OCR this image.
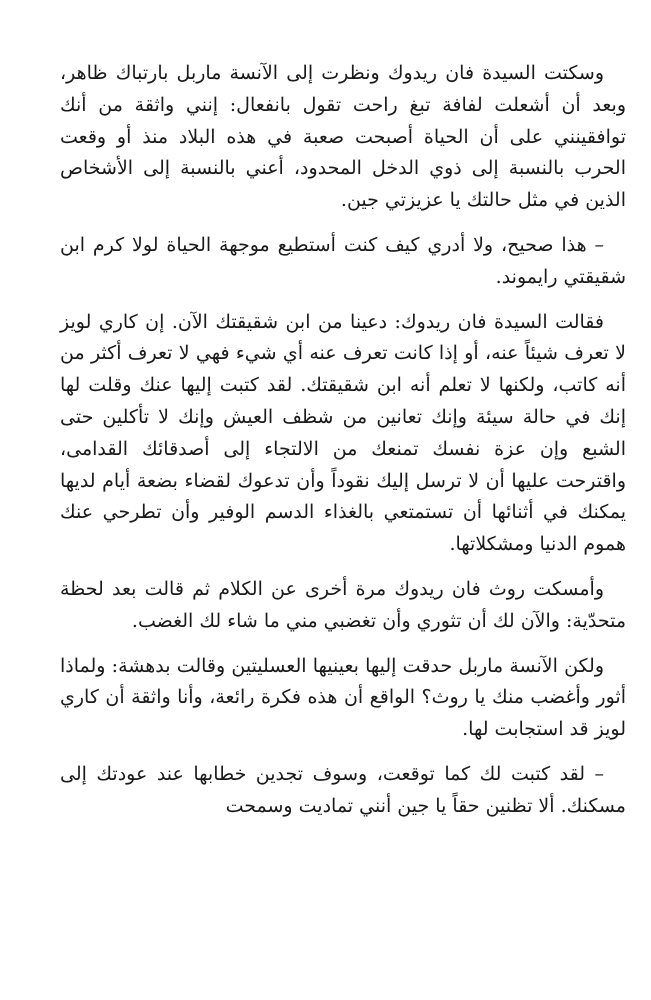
وسكتت السيدة فان ريدوك ونظرت إلى الآنسة ماربل بارتباك ظاهر، وبعد أن أشعلت لفافة تبغ راحت تقول بانفعال: إنني واثقة من أنك توافقينني على أن الحياة أصبحت صعبة في هذه البلاد منذ أو وقعت الحرب بالنسبة إلى ذوي الدخل المحدود، أعني بالنسبة إلى الأشخاص الذين في مثل حالتك يا عزيزتي جين.

– هذا صحيح، ولا أدري كيف كنت أستطيع موجهة الحياة لولا كرم ابن شقيقتي رايموند.

فقالت السيدة فان ريدوك: دعينا من ابن شقيقتك الآن. إن كاري لويز لا تعرف شيئاً عنه، أو إذا كانت تعرف عنه أي شيء فهي لا تعرف أكثر من أنه كاتب، ولكنها لا تعلم أنه ابن شقيقتك. لقد كتبت إليها عنك وقلت لها إنك في حالة سيئة وإنك تعانين من شظف العيش وإنك لا تأكلين حتى الشبع وإن عزة نفسك تمنعك من الالتجاء إلى أصدقائك القدامى، واقترحت عليها أن لا ترسل إليك نقوداً وأن تدعوك لقضاء بضعة أيام لديها يمكنك في أثنائها أن تستمتعي بالغذاء الدسم الوفير وأن تطرحي عنك هموم الدنيا ومشكلاتها.

وأمسكت روث فان ريدوك مرة أخرى عن الكلام ثم قالت بعد لحظة متحدّية: والآن لك أن تثوري وأن تغضبي مني ما شاء لك الغضب.

ولكن الآنسة ماربل حدقت إليها بعينيها العسليتين وقالت بدهشة: ولماذا أثور وأغضب منك يا روث؟ الواقع أن هذه فكرة رائعة، وأنا واثقة أن كاري لويز قد استجابت لها.

– لقد كتبت لك كما توقعت، وسوف تجدين خطابها عند عودتك إلى مسكنك. ألا تظنين حقاً يا جين أنني تماديت وسمحت
